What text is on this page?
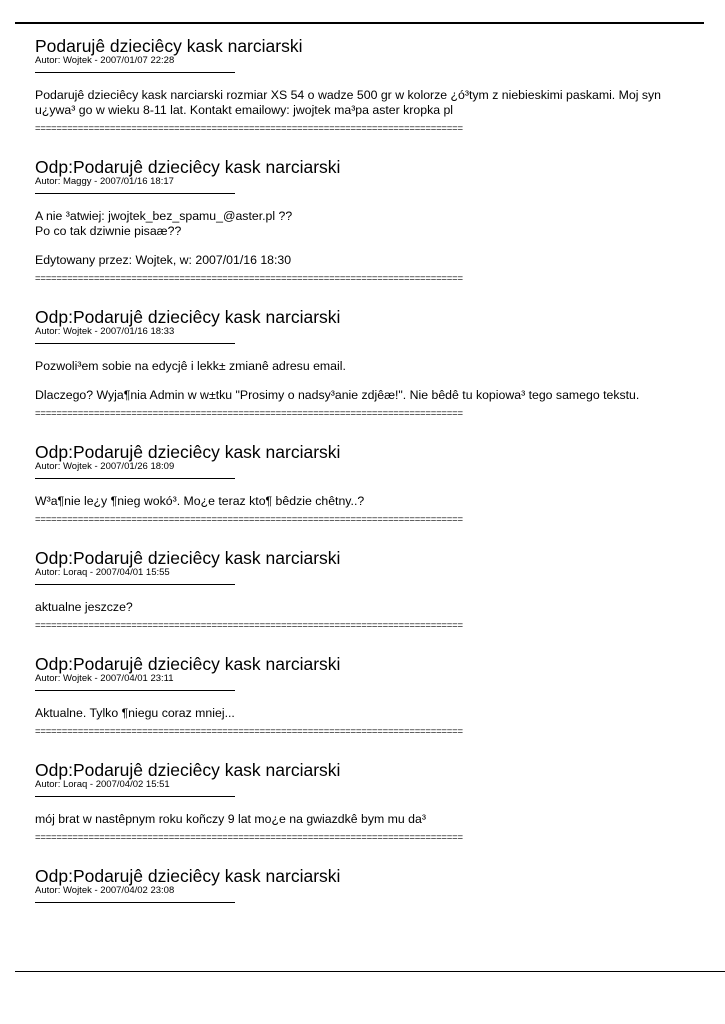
Podarujê dzieciêcy kask narciarski
Autor: Wojtek - 2007/01/07 22:28

Podarujê dzieciêcy kask narciarski rozmiar XS 54 o wadze 500 gr w kolorze ¿ó³tym z niebieskimi paskami. Moj syn u¿ywa³ go w wieku 8-11 lat. Kontakt emailowy: jwojtek ma³pa aster kropka pl

================================================================================
Odp:Podarujê dzieciêcy kask narciarski
Autor: Maggy - 2007/01/16 18:17

A nie ³atwiej: jwojtek_bez_spamu_@aster.pl ??

Po co tak dziwnie pisaæ??

Edytowany przez: Wojtek, w: 2007/01/16 18:30

================================================================================
Odp:Podarujê dzieciêcy kask narciarski
Autor: Wojtek - 2007/01/16 18:33

Pozwoli³em sobie na edycjê i lekk± zmianê adresu email.

Dlaczego? Wyja¶nia Admin w w±tku "Prosimy o nadsy³anie zdjêæ!". Nie bêdê tu kopiowa³ tego samego tekstu.

================================================================================
Odp:Podarujê dzieciêcy kask narciarski
Autor: Wojtek - 2007/01/26 18:09

W³a¶nie le¿y ¶nieg wokó³. Mo¿e teraz kto¶ bêdzie chêtny..?

================================================================================
Odp:Podarujê dzieciêcy kask narciarski
Autor: Loraq - 2007/04/01 15:55

aktualne jeszcze?

================================================================================
Odp:Podarujê dzieciêcy kask narciarski
Autor: Wojtek - 2007/04/01 23:11

Aktualne. Tylko ¶niegu coraz mniej...

================================================================================
Odp:Podarujê dzieciêcy kask narciarski
Autor: Loraq - 2007/04/02 15:51

mój brat w nastêpnym roku koñczy 9 lat mo¿e na gwiazdkê bym mu da³

================================================================================
Odp:Podarujê dzieciêcy kask narciarski
Autor: Wojtek - 2007/04/02 23:08
